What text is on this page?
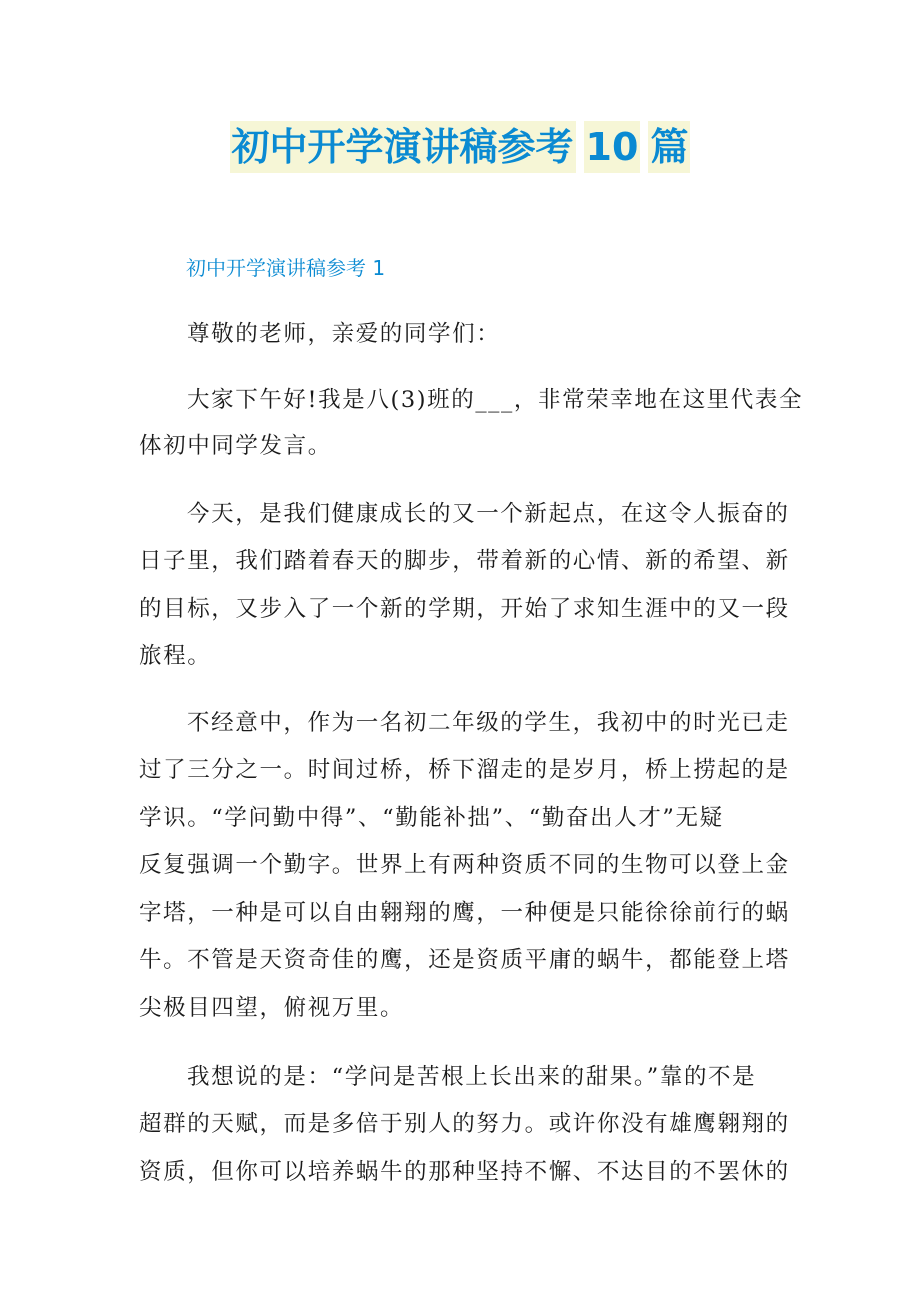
初中开学演讲稿参考 10 篇
初中开学演讲稿参考 1
尊敬的老师，亲爱的同学们：
大家下午好!我是八(3)班的___，非常荣幸地在这里代表全
体初中同学发言。
今天，是我们健康成长的又一个新起点，在这令人振奋的
日子里，我们踏着春天的脚步，带着新的心情、新的希望、新
的目标，又步入了一个新的学期，开始了求知生涯中的又一段
旅程。
不经意中，作为一名初二年级的学生，我初中的时光已走
过了三分之一。时间过桥，桥下溜走的是岁月，桥上捞起的是
学识。“学问勤中得”、“勤能补拙”、“勤奋出人才”无疑
反复强调一个勤字。世界上有两种资质不同的生物可以登上金
字塔，一种是可以自由翱翔的鹰，一种便是只能徐徐前行的蜗
牛。不管是天资奇佳的鹰，还是资质平庸的蜗牛，都能登上塔
尖极目四望，俯视万里。
我想说的是：“学问是苦根上长出来的甜果。”靠的不是
超群的天赋，而是多倍于别人的努力。或许你没有雄鹰翱翔的
资质，但你可以培养蜗牛的那种坚持不懈、不达目的不罢休的
